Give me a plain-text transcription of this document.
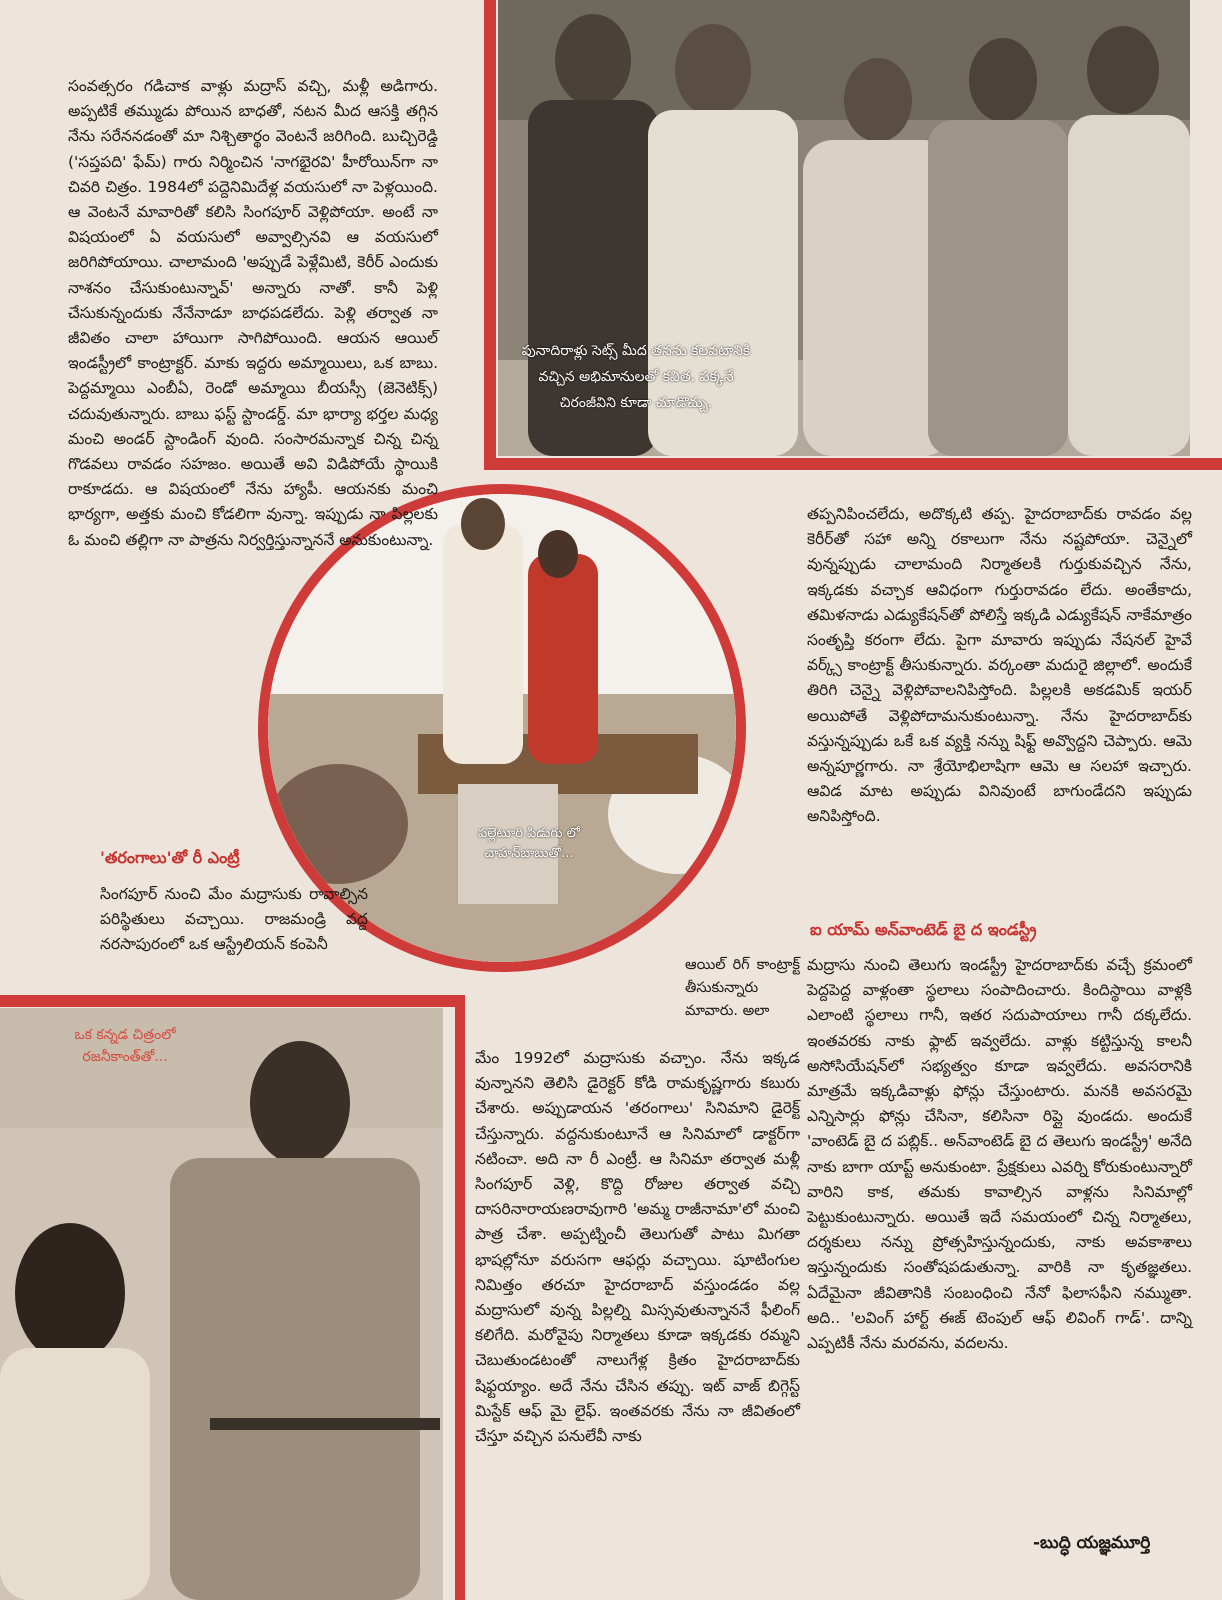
పునాదిరాళ్లు సెట్స్ మీద తనను కలవటానికి వచ్చిన అభిమానులతో కవిత. పక్కనే చిరంజీవిని కూడా చూడొచ్చు.
పల్లెటూరి పిడుగు లో చాహన్‌బాబుతో...
ఒక కన్నడ చిత్రంలో రజనీకాంత్‌తో...

సంవత్సరం గడిచాక వాళ్లు మద్రాస్ వచ్చి, మళ్లీ అడిగారు. అప్పటికే తమ్ముడు పోయిన బాధతో, నటన మీద ఆసక్తి తగ్గిన నేను సరేనన‌డంతో మా నిశ్చితార్థం వెంటనే జరిగింది. బుచ్చిరెడ్డి ('సప్తపది' ఫేమ్) గారు నిర్మించిన 'నాగభైరవి' హీరోయిన్‌గా నా చివరి చిత్రం. 1984లో పద్దెనిమిదేళ్ల వయసులో నా పెళ్లయింది. ఆ వెంటనే మావారితో కలిసి సింగపూర్ వెళ్లిపోయా. అంటే నా విషయంలో ఏ వయసులో అవ్వాల్సినవి ఆ వయసులో జరిగిపోయాయి. చాలామంది 'అప్పుడే పెళ్లేమిటి, కెరీర్ ఎందుకు నాశనం చేసుకుంటున్నావ్' అన్నారు నాతో. కానీ పెళ్లి చేసుకున్నందుకు నేనేనాడూ బాధపడలేదు. పెళ్లి తర్వాత నా జీవితం చాలా హాయిగా సాగిపోయింది. ఆయన ఆయిల్ ఇండస్ట్రీలో కాంట్రాక్టర్. మాకు ఇద్దరు అమ్మాయిలు, ఒక బాబు. పెద్దమ్మాయి ఎంబీఏ, రెండో అమ్మాయి బీయస్సీ (జెనెటిక్స్) చదువుతున్నారు. బాబు ఫస్ట్ స్టాండర్డ్. మా భార్యా భర్తల మధ్య మంచి అండర్ స్టాండింగ్ వుంది. సంసారమన్నాక చిన్న చిన్న గొడవలు రావడం సహజం. అయితే అవి విడిపోయే స్థాయికి రాకూడదు. ఆ విషయంలో నేను హ్యాపీ. ఆయనకు మంచి భార్యగా, అత్తకు మంచి కోడలిగా వున్నా. ఇప్పుడు నా పిల్లలకు ఓ మంచి తల్లిగా నా పాత్రను నిర్వర్తిస్తున్నాననే అనుకుంటున్నా.

'తరంగాలు'తో రీ ఎంట్రీ

సింగపూర్ నుంచి మేం మద్రాసుకు రావాల్సిన పరిస్థితులు వచ్చాయి. రాజమండ్రి వద్ద నరసాపురంలో ఒక ఆస్ట్రేలియన్ కంపెనీ

ఆయిల్ రిగ్ కాంట్రాక్ట్ తీసుకున్నారు మావారు. అలా

మేం 1992లో మద్రాసుకు వచ్చాం. నేను ఇక్కడ వున్నానని తెలిసి డైరెక్టర్ కోడి రామకృష్ణగారు కబురు చేశారు. అప్పుడాయన 'తరంగాలు' సినిమాని డైరెక్ట్ చేస్తున్నారు. వద్దనుకుంటూనే ఆ సినిమాలో డాక్టర్‌గా నటించా. అది నా రీ ఎంట్రీ. ఆ సినిమా తర్వాత మళ్లీ సింగపూర్ వెళ్లి, కొద్ది రోజుల తర్వాత వచ్చి దాసరినారాయణరావుగారి 'అమ్మ రాజీనామా'లో మంచి పాత్ర చేశా. అప్పట్నించీ తెలుగుతో పాటు మిగతా భాషల్లోనూ వరుసగా ఆఫర్లు వచ్చాయి. షూటింగుల నిమిత్తం తరచూ హైదరాబాద్ వస్తుండడం వల్ల మద్రాసులో వున్న పిల్లల్ని మిస్సవుతున్నాననే ఫీలింగ్ కలిగేది. మరోవైపు నిర్మాతలు కూడా ఇక్కడకు రమ్మని చెబుతుండటంతో నాలుగేళ్ల క్రితం హైదరాబాద్‌కు షిఫ్టయ్యాం. అదే నేను చేసిన తప్పు. ఇట్ వాజ్ బిగ్గెస్ట్ మిస్టేక్ ఆఫ్ మై లైఫ్. ఇంతవరకు నేను నా జీవితంలో చేస్తూ వచ్చిన పనులేవీ నాకు

తప్పనిపించలేదు, అదొక్కటి తప్ప. హైదరాబాద్‌కు రావడం వల్ల కెరీర్‌తో సహా అన్ని రకాలుగా నేను నష్టపోయా. చెన్నైలో వున్నప్పుడు చాలామంది నిర్మాతలకి గుర్తుకువచ్చిన నేను, ఇక్కడకు వచ్చాక ఆవిధంగా గుర్తురావడం లేదు. అంతేకాదు, తమిళనాడు ఎడ్యుకేషన్‌తో పోలిస్తే ఇక్కడి ఎడ్యుకేషన్ నాకేమాత్రం సంతృప్తి కరంగా లేదు. పైగా మావారు ఇప్పుడు నేషనల్ హైవే వర్క్స్ కాంట్రాక్ట్ తీసుకున్నారు. వర్కంతా మదురై జిల్లాలో. అందుకే తిరిగి చెన్నై వెళ్లిపోవాలనిపిస్తోంది. పిల్లలకి అకడమిక్ ఇయర్ అయిపోతే వెళ్లిపోదామనుకుంటున్నా. నేను హైదరాబాద్‌కు వస్తున్నప్పుడు ఒకే ఒక వ్యక్తి నన్ను షిఫ్ట్ అవ్వొద్దని చెప్పారు. ఆమె అన్నపూర్ణగారు. నా శ్రేయోభిలాషిగా ఆమె ఆ సలహా ఇచ్చారు. ఆవిడ మాట అప్పుడు వినివుంటే బాగుండేదని ఇప్పుడు అనిపిస్తోంది.

ఐ యామ్ అన్‌వాంటెడ్ బై ద ఇండస్ట్రీ

మద్రాసు నుంచి తెలుగు ఇండస్ట్రీ హైదరాబాద్‌కు వచ్చే క్రమంలో పెద్దపెద్ద వాళ్లంతా స్థలాలు సంపాదించారు. కిందిస్థాయి వాళ్లకి ఎలాంటి స్థలాలు గానీ, ఇతర సదుపాయాలు గానీ దక్కలేదు. ఇంతవరకు నాకు ఫ్లాట్ ఇవ్వలేదు. వాళ్లు కట్టిస్తున్న కాలనీ అసోసియేషన్‌లో సభ్యత్వం కూడా ఇవ్వలేదు. అవసరానికి మాత్రమే ఇక్కడివాళ్లు ఫోన్లు చేస్తుంటారు. మనకి అవసరమై ఎన్నిసార్లు ఫోన్లు చేసినా, కలిసినా రిప్లై వుండదు. అందుకే 'వాంటెడ్ బై ద పబ్లిక్.. అన్‌వాంటెడ్ బై ద తెలుగు ఇండస్ట్రీ' అనేది నాకు బాగా యాప్ట్ అనుకుంటా. ప్రేక్షకులు ఎవర్ని కోరుకుంటున్నారో వారిని కాక, తమకు కావాల్సిన వాళ్లను సినిమాల్లో పెట్టుకుంటున్నారు. అయితే ఇదే సమయంలో చిన్న నిర్మాతలు, దర్శకులు నన్ను ప్రోత్సహిస్తున్నందుకు, నాకు అవకాశాలు ఇస్తున్నందుకు సంతోషపడుతున్నా. వారికి నా కృతజ్ఞతలు. ఏదేమైనా జీవితానికి సంబంధించి నేనో ఫిలాసఫీని నమ్ముతా. అది.. 'లవింగ్ హార్ట్ ఈజ్ టెంపుల్ ఆఫ్ లివింగ్ గాడ్'. దాన్ని ఎప్పటికీ నేను మరవను, వదలను.

-బుద్ధి యజ్ఞమూర్తి
